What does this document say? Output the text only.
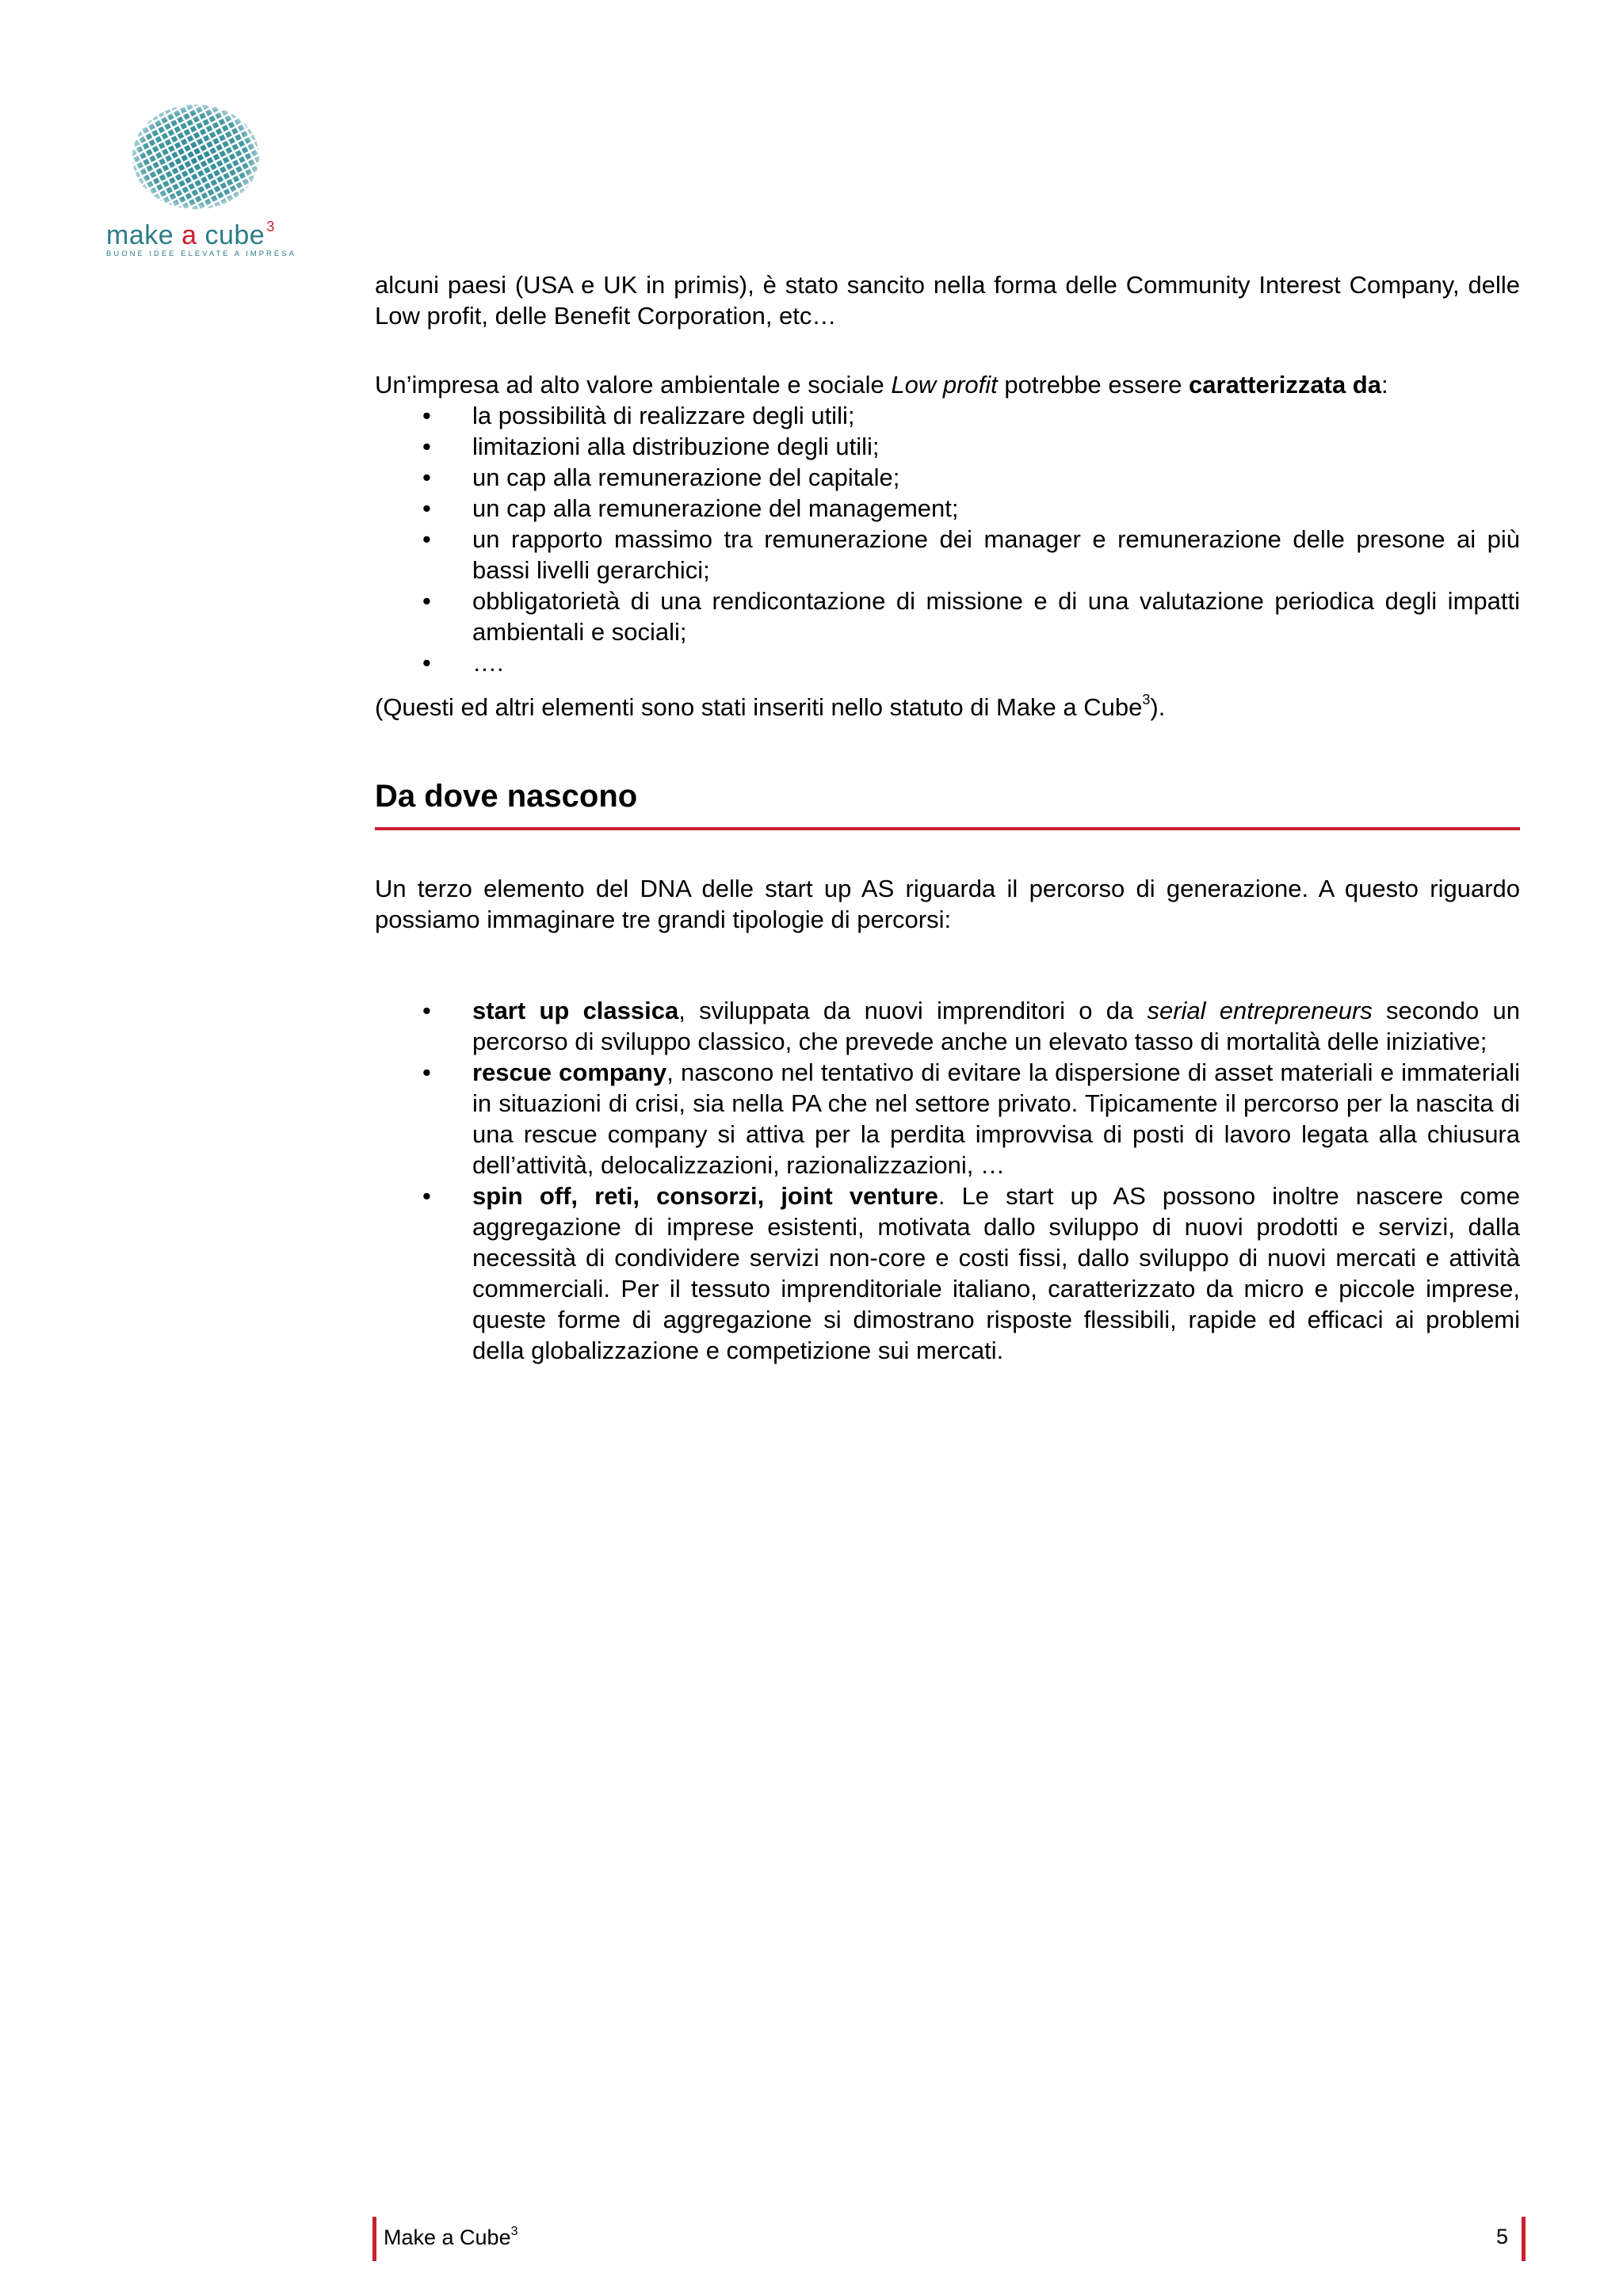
make a cube $^3$
BUONE IDEE ELEVATE A IMPRESA

alcuni paesi (USA e UK in primis), è stato sancito nella forma delle Community Interest Company, delle Low profit, delle Benefit Corporation, etc…

Un’impresa ad alto valore ambientale e sociale Low profit potrebbe essere caratterizzata da:

• la possibilità di realizzare degli utili;
• limitazioni alla distribuzione degli utili;
• un cap alla remunerazione del capitale;
• un cap alla remunerazione del management;
• un rapporto massimo tra remunerazione dei manager e remunerazione delle presone ai più bassi livelli gerarchici;
• obbligatorietà di una rendicontazione di missione e di una valutazione periodica degli impatti ambientali e sociali;
• ….

(Questi ed altri elementi sono stati inseriti nello statuto di Make a Cube$^3$).

Da dove nascono

Un terzo elemento del DNA delle start up AS riguarda il percorso di generazione. A questo riguardo possiamo immaginare tre grandi tipologie di percorsi:

• start up classica, sviluppata da nuovi imprenditori o da serial entrepreneurs secondo un percorso di sviluppo classico, che prevede anche un elevato tasso di mortalità delle iniziative;
• rescue company, nascono nel tentativo di evitare la dispersione di asset materiali e immateriali in situazioni di crisi, sia nella PA che nel settore privato. Tipicamente il percorso per la nascita di una rescue company si attiva per la perdita improvvisa di posti di lavoro legata alla chiusura dell’attività, delocalizzazioni, razionalizzazioni, …
• spin off, reti, consorzi, joint venture. Le start up AS possono inoltre nascere come aggregazione di imprese esistenti, motivata dallo sviluppo di nuovi prodotti e servizi, dalla necessità di condividere servizi non-core e costi fissi, dallo sviluppo di nuovi mercati e attività commerciali. Per il tessuto imprenditoriale italiano, caratterizzato da micro e piccole imprese, queste forme di aggregazione si dimostrano risposte flessibili, rapide ed efficaci ai problemi della globalizzazione e competizione sui mercati.
Make a Cube$^3$	5
